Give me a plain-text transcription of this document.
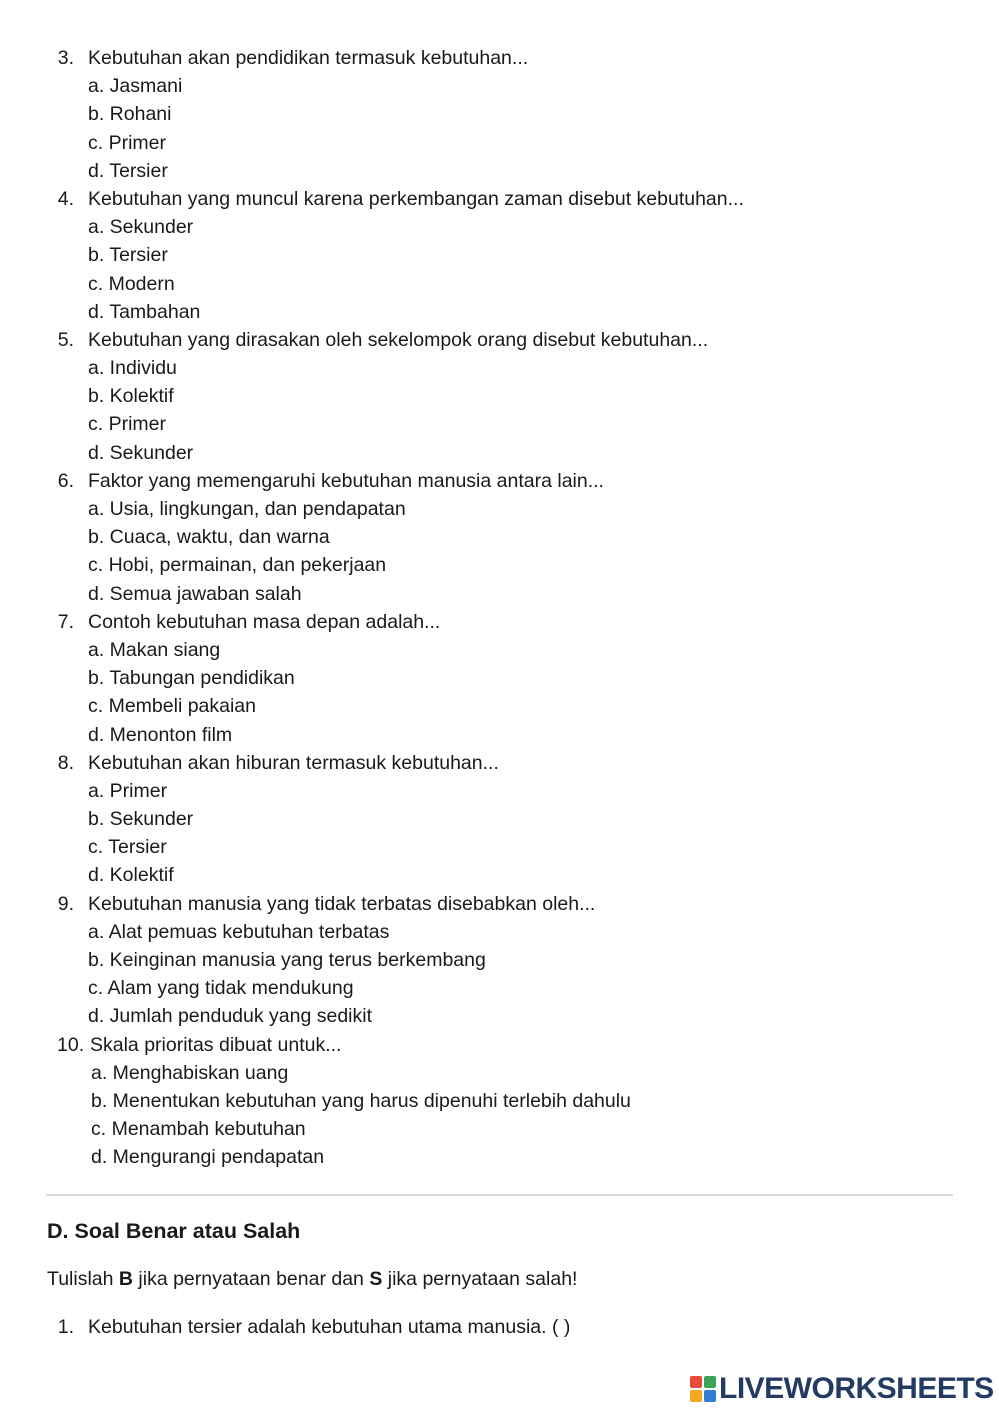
3. Kebutuhan akan pendidikan termasuk kebutuhan...
a. Jasmani
b. Rohani
c. Primer
d. Tersier
4. Kebutuhan yang muncul karena perkembangan zaman disebut kebutuhan...
a. Sekunder
b. Tersier
c. Modern
d. Tambahan
5. Kebutuhan yang dirasakan oleh sekelompok orang disebut kebutuhan...
a. Individu
b. Kolektif
c. Primer
d. Sekunder
6. Faktor yang memengaruhi kebutuhan manusia antara lain...
a. Usia, lingkungan, dan pendapatan
b. Cuaca, waktu, dan warna
c. Hobi, permainan, dan pekerjaan
d. Semua jawaban salah
7. Contoh kebutuhan masa depan adalah...
a. Makan siang
b. Tabungan pendidikan
c. Membeli pakaian
d. Menonton film
8. Kebutuhan akan hiburan termasuk kebutuhan...
a. Primer
b. Sekunder
c. Tersier
d. Kolektif
9. Kebutuhan manusia yang tidak terbatas disebabkan oleh...
a. Alat pemuas kebutuhan terbatas
b. Keinginan manusia yang terus berkembang
c. Alam yang tidak mendukung
d. Jumlah penduduk yang sedikit
10. Skala prioritas dibuat untuk...
a. Menghabiskan uang
b. Menentukan kebutuhan yang harus dipenuhi terlebih dahulu
c. Menambah kebutuhan
d. Mengurangi pendapatan
D. Soal Benar atau Salah
Tulislah B jika pernyataan benar dan S jika pernyataan salah!
1. Kebutuhan tersier adalah kebutuhan utama manusia. ( )
LIVEWORKSHEETS
